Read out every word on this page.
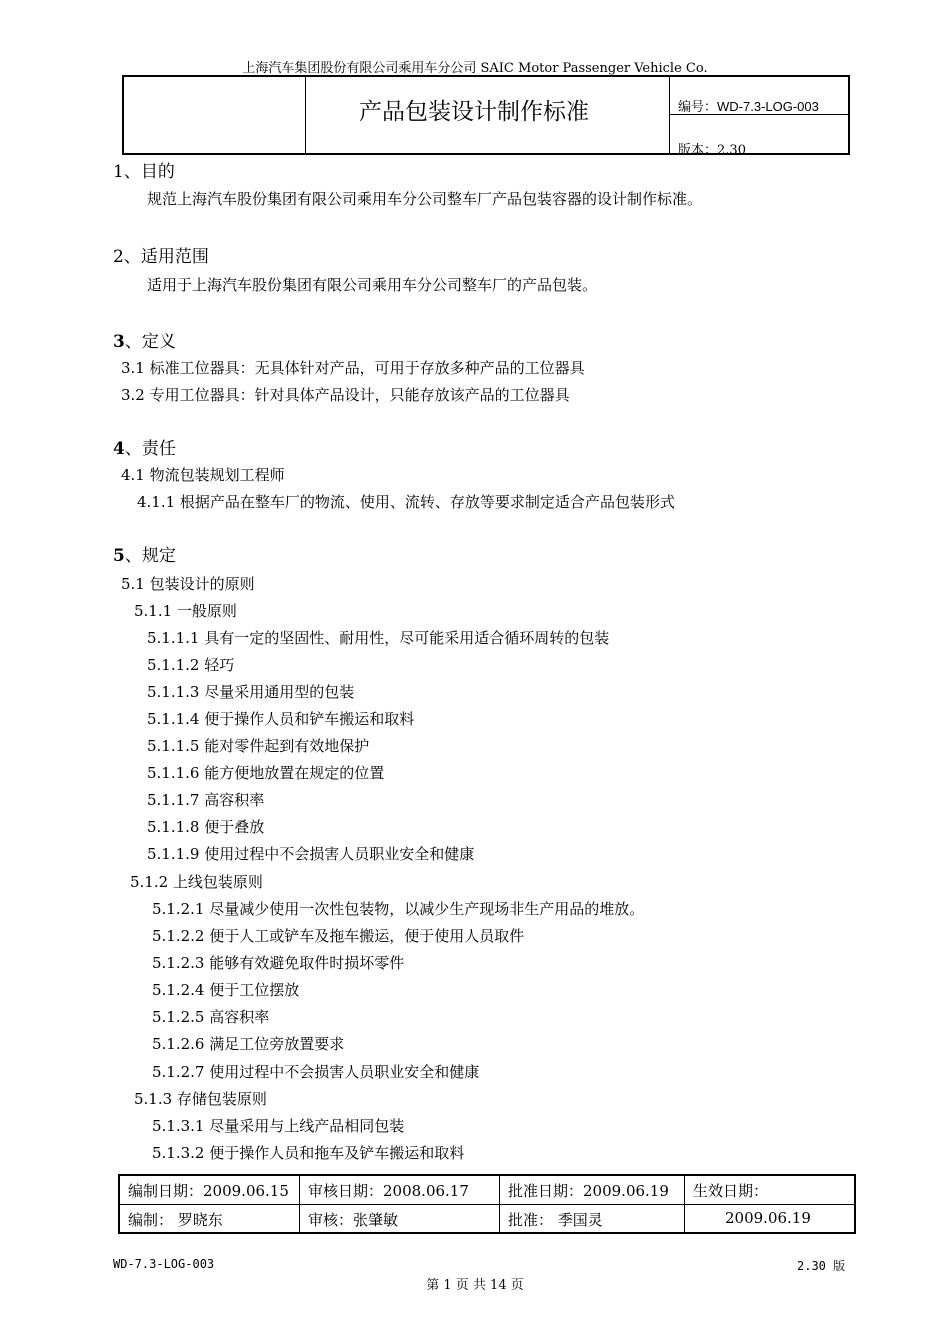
上海汽车集团股份有限公司乘用车分公司 SAIC Motor Passenger Vehicle Co.
产品包装设计制作标准	编号：WD-7.3-LOG-003
版本：2.30
1、目的
规范上海汽车股份集团有限公司乘用车分公司整车厂产品包装容器的设计制作标准。
2、适用范围
适用于上海汽车股份集团有限公司乘用车分公司整车厂的产品包装。
3、定义
3.1 标准工位器具：无具体针对产品，可用于存放多种产品的工位器具
3.2 专用工位器具：针对具体产品设计，只能存放该产品的工位器具
4、责任
4.1 物流包装规划工程师
4.1.1 根据产品在整车厂的物流、使用、流转、存放等要求制定适合产品包装形式
5、规定
5.1 包装设计的原则
5.1.1 一般原则
5.1.1.1 具有一定的坚固性、耐用性，尽可能采用适合循环周转的包装
5.1.1.2 轻巧
5.1.1.3 尽量采用通用型的包装
5.1.1.4 便于操作人员和铲车搬运和取料
5.1.1.5 能对零件起到有效地保护
5.1.1.6 能方便地放置在规定的位置
5.1.1.7 高容积率
5.1.1.8 便于叠放
5.1.1.9 使用过程中不会损害人员职业安全和健康
5.1.2 上线包装原则
5.1.2.1 尽量减少使用一次性包装物，以减少生产现场非生产用品的堆放。
5.1.2.2 便于人工或铲车及拖车搬运，便于使用人员取件
5.1.2.3 能够有效避免取件时损坏零件
5.1.2.4 便于工位摆放
5.1.2.5 高容积率
5.1.2.6 满足工位旁放置要求
5.1.2.7 使用过程中不会损害人员职业安全和健康
5.1.3 存储包装原则
5.1.3.1 尽量采用与上线产品相同包装
5.1.3.2 便于操作人员和拖车及铲车搬运和取料
编制日期：2009.06.15	审核日期：2008.06.17	批准日期：2009.06.19	生效日期：
编制： 罗晓东	审核：张肇敏	批准： 季国灵	2009.06.19
WD-7.3-LOG-003	2.30 版
第 1 页 共 14 页
